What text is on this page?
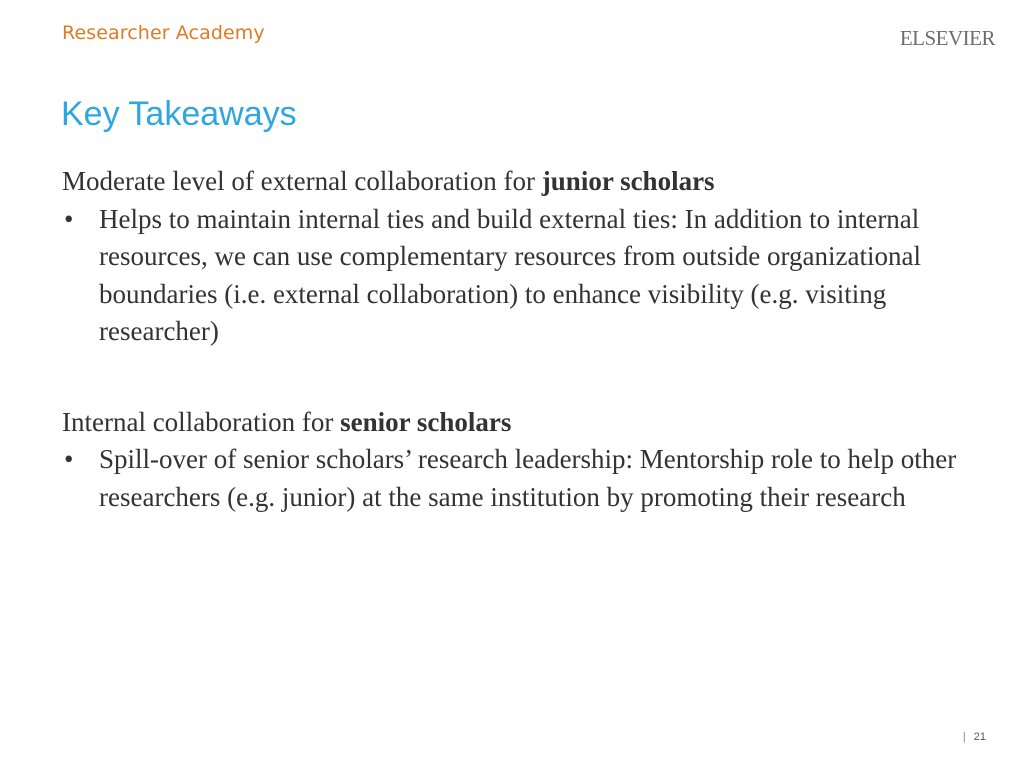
Researcher Academy	ELSEVIER
Key Takeaways

Moderate level of external collaboration for junior scholars

• Helps to maintain internal ties and build external ties: In addition to internal resources, we can use complementary resources from outside organizational boundaries (i.e. external collaboration) to enhance visibility (e.g. visiting researcher)

Internal collaboration for senior scholars

• Spill-over of senior scholars’ research leadership: Mentorship role to help other researchers (e.g. junior) at the same institution by promoting their research
| 21
